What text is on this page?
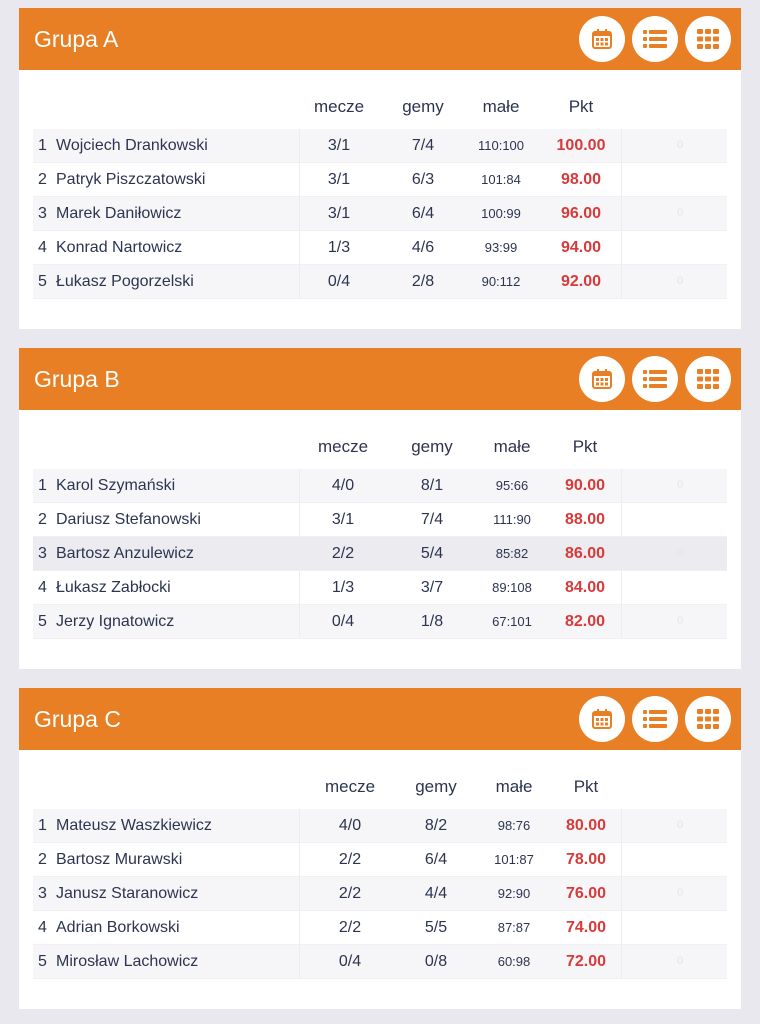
Grupa A
mecze	gemy	małe	Pkt
1 Wojciech Drankowski	3/1	7/4	110:100	100.00	0
2 Patryk Piszczatowski	3/1	6/3	101:84	98.00
3 Marek Daniłowicz	3/1	6/4	100:99	96.00	0
4 Konrad Nartowicz	1/3	4/6	93:99	94.00
5 Łukasz Pogorzelski	0/4	2/8	90:112	92.00	0
Grupa B
mecze	gemy	małe	Pkt
1 Karol Szymański	4/0	8/1	95:66	90.00	0
2 Dariusz Stefanowski	3/1	7/4	111:90	88.00
3 Bartosz Anzulewicz	2/2	5/4	85:82	86.00	0
4 Łukasz Zabłocki	1/3	3/7	89:108	84.00
5 Jerzy Ignatowicz	0/4	1/8	67:101	82.00	0
Grupa C
mecze	gemy	małe	Pkt
1 Mateusz Waszkiewicz	4/0	8/2	98:76	80.00	0
2 Bartosz Murawski	2/2	6/4	101:87	78.00
3 Janusz Staranowicz	2/2	4/4	92:90	76.00	0
4 Adrian Borkowski	2/2	5/5	87:87	74.00
5 Mirosław Lachowicz	0/4	0/8	60:98	72.00	0
